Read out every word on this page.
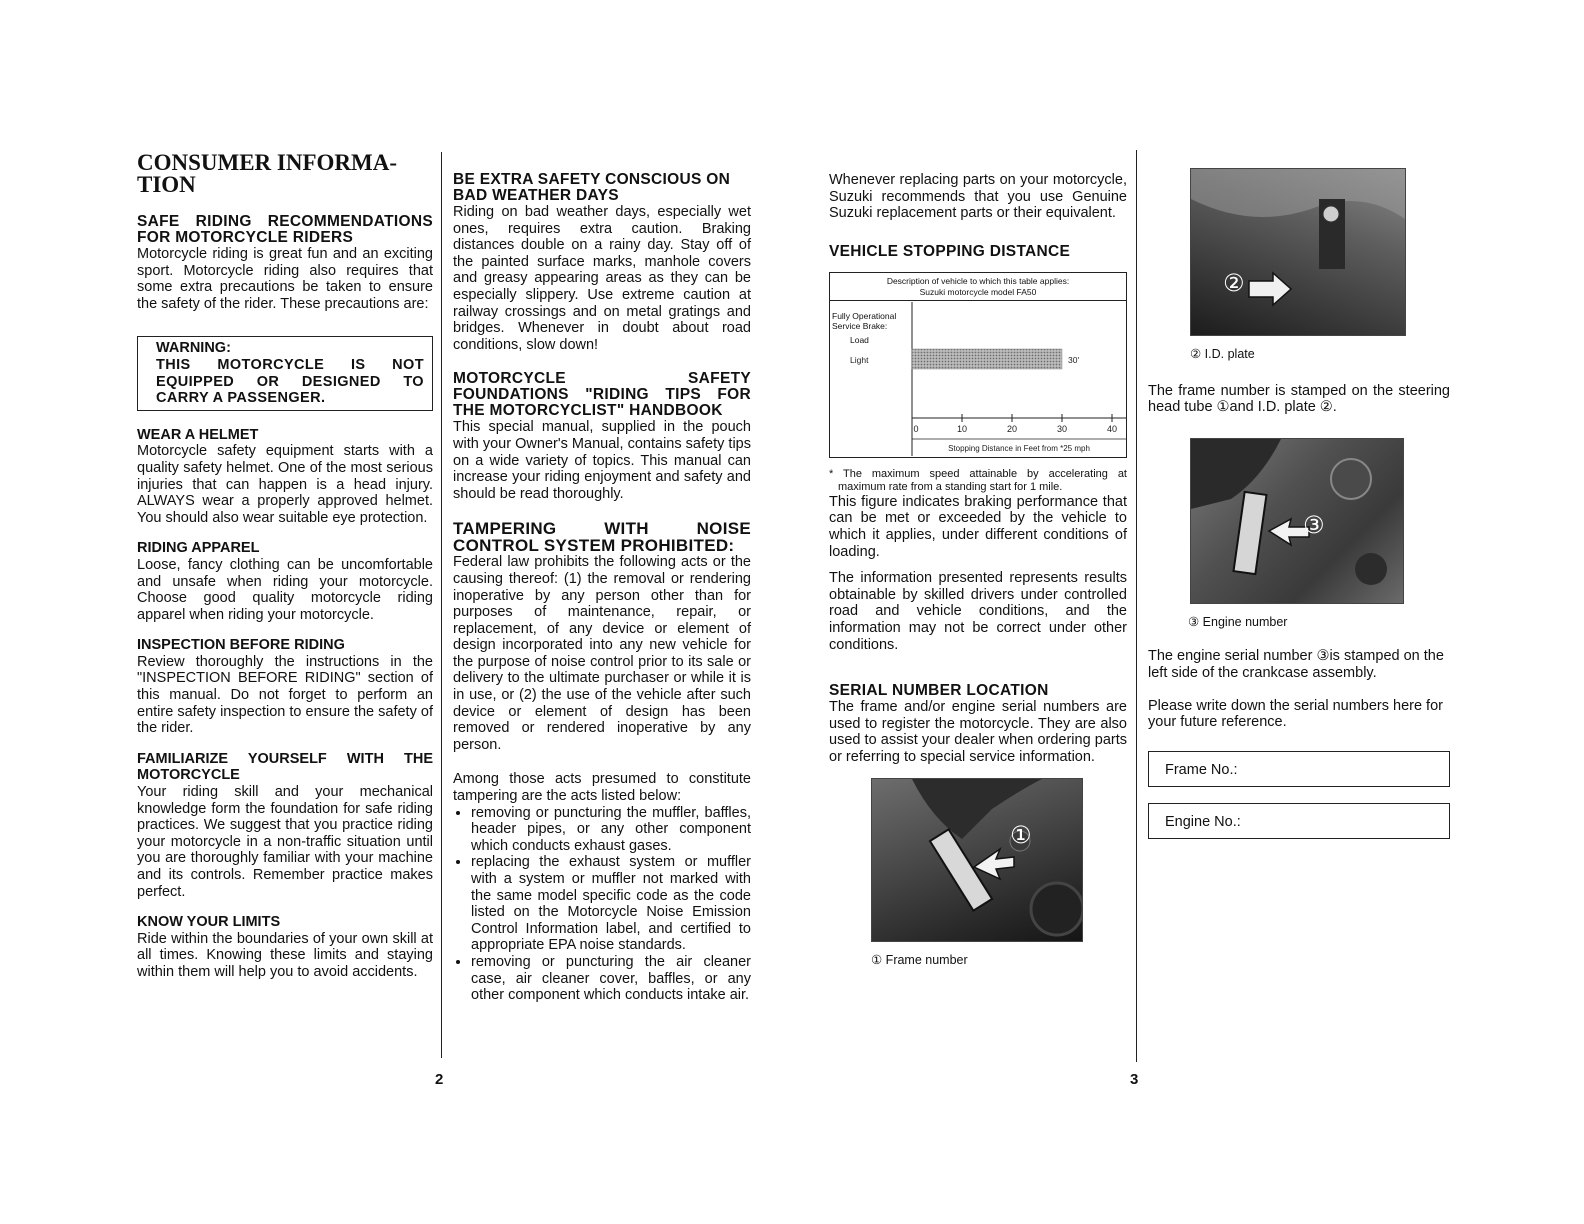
CONSUMER INFORMA-
TION
SAFE RIDING RECOMMENDATIONS FOR MOTORCYCLE RIDERS

Motorcycle riding is great fun and an exciting sport. Motorcycle riding also requires that some extra precautions be taken to ensure the safety of the rider. These precautions are:

WARNING:
THIS MOTORCYCLE IS NOT EQUIPPED OR DESIGNED TO CARRY A PASSENGER.
WEAR A HELMET

Motorcycle safety equipment starts with a quality safety helmet. One of the most serious injuries that can happen is a head injury. ALWAYS wear a properly approved helmet. You should also wear suitable eye protection.

RIDING APPAREL

Loose, fancy clothing can be uncomfortable and unsafe when riding your motorcycle. Choose good quality motorcycle riding apparel when riding your motorcycle.

INSPECTION BEFORE RIDING

Review thoroughly the instructions in the "INSPECTION BEFORE RIDING" section of this manual. Do not forget to perform an entire safety inspection to ensure the safety of the rider.

FAMILIARIZE YOURSELF WITH THE MOTORCYCLE

Your riding skill and your mechanical knowledge form the foundation for safe riding practices. We suggest that you practice riding your motorcycle in a non-traffic situation until you are thoroughly familiar with your machine and its controls. Remember practice makes perfect.

KNOW YOUR LIMITS

Ride within the boundaries of your own skill at all times. Knowing these limits and staying within them will help you to avoid accidents.

BE EXTRA SAFETY CONSCIOUS ON BAD WEATHER DAYS

Riding on bad weather days, especially wet ones, requires extra caution. Braking distances double on a rainy day. Stay off of the painted surface marks, manhole covers and greasy appearing areas as they can be especially slippery. Use extreme caution at railway crossings and on metal gratings and bridges. Whenever in doubt about road conditions, slow down!

MOTORCYCLE SAFETY FOUNDATIONS "RIDING TIPS FOR THE MOTORCYCLIST" HANDBOOK

This special manual, supplied in the pouch with your Owner's Manual, contains safety tips on a wide variety of topics. This manual can increase your riding enjoyment and safety and should be read thoroughly.

TAMPERING WITH NOISE CONTROL SYSTEM PROHIBITED:

Federal law prohibits the following acts or the causing thereof: (1) the removal or rendering inoperative by any person other than for purposes of maintenance, repair, or replacement, of any device or element of design incorporated into any new vehicle for the purpose of noise control prior to its sale or delivery to the ultimate purchaser or while it is in use, or (2) the use of the vehicle after such device or element of design has been removed or rendered inoperative by any person.

Among those acts presumed to constitute tampering are the acts listed below:

• removing or puncturing the muffler, baffles, header pipes, or any other component which conducts exhaust gases.
• replacing the exhaust system or muffler with a system or muffler not marked with the same model specific code as the code listed on the Motorcycle Noise Emission Control Information label, and certified to appropriate EPA noise standards.
• removing or puncturing the air cleaner case, air cleaner cover, baffles, or any other component which conducts intake air.
2

Whenever replacing parts on your motorcycle, Suzuki recommends that you use Genuine Suzuki replacement parts or their equivalent.

VEHICLE STOPPING DISTANCE
Description of vehicle to which this table applies:
Suzuki motorcycle model FA50
Fully Operational
Service Brake:
Load
30'
Light
0	10	20	30	40
Stopping Distance in Feet from *25 mph

* The maximum speed attainable by accelerating at maximum rate from a standing start for 1 mile.

This figure indicates braking performance that can be met or exceeded by the vehicle to which it applies, under different conditions of loading.

The information presented represents results obtainable by skilled drivers under controlled road and vehicle conditions, and the information may not be correct under other conditions.

SERIAL NUMBER LOCATION

The frame and/or engine serial numbers are used to register the motorcycle. They are also used to assist your dealer when ordering parts or referring to special service information.

①
① Frame number
3
②
② I.D. plate

The frame number is stamped on the steering head tube ①and I.D. plate ②.

③
③ Engine number

The engine serial number ③is stamped on the left side of the crankcase assembly.

Please write down the serial numbers here for your future reference.

Frame No.:
Engine No.:
